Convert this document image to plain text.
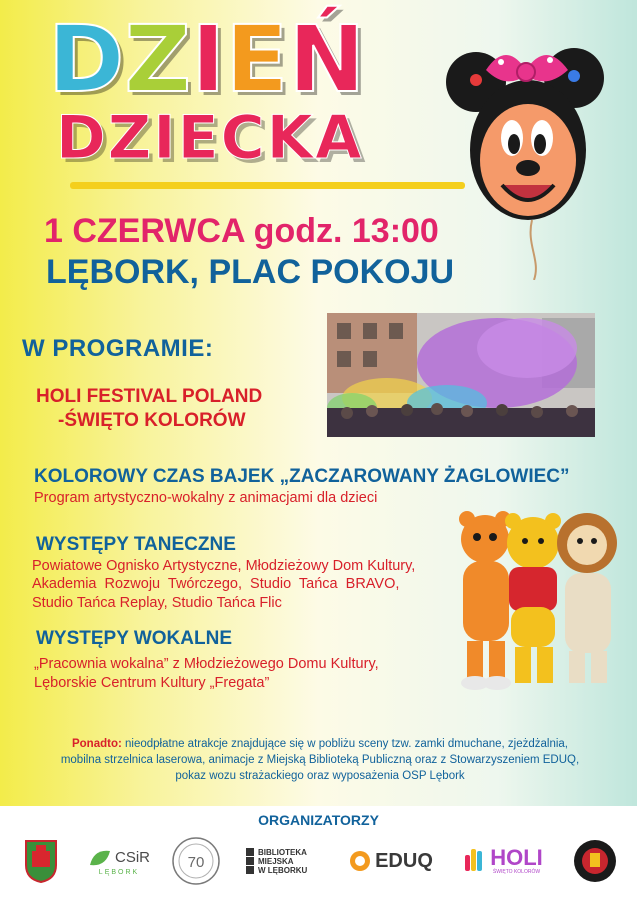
D Z I E Ń
DZIECKA
1 CZERWCA godz. 13:00
LĘBORK, PLAC POKOJU
W PROGRAMIE:
HOLI FESTIVAL POLAND
-ŚWIĘTO KOLORÓW
KOLOROWY CZAS BAJEK „ZACZAROWANY ŻAGLOWIEC”
Program artystyczno-wokalny z animacjami dla dzieci
WYSTĘPY TANECZNE
Powiatowe Ognisko Artystyczne, Młodzieżowy Dom Kultury,
Akademia Rozwoju Twórczego, Studio Tańca BRAVO,
Studio Tańca Replay, Studio Tańca Flic
WYSTĘPY WOKALNE
„Pracownia wokalna” z Młodzieżowego Domu Kultury,
Lęborskie Centrum Kultury „Fregata”
Ponadto: nieodpłatne atrakcje znajdujące się w pobliżu sceny tzw. zamki dmuchane, zjeżdżalnia,
mobilna strzelnica laserowa, animacje z Miejską Biblioteką Publiczną oraz z Stowarzyszeniem EDUQ,
pokaz wozu strażackiego oraz wyposażenia OSP Lębork
ORGANIZATORZY
CSiR
LĘBORK
70
BIBLIOTEKA
MIEJSKA
W LĘBORKU	EDUQ	HOLI
ŚWIĘTO KOLORÓW
